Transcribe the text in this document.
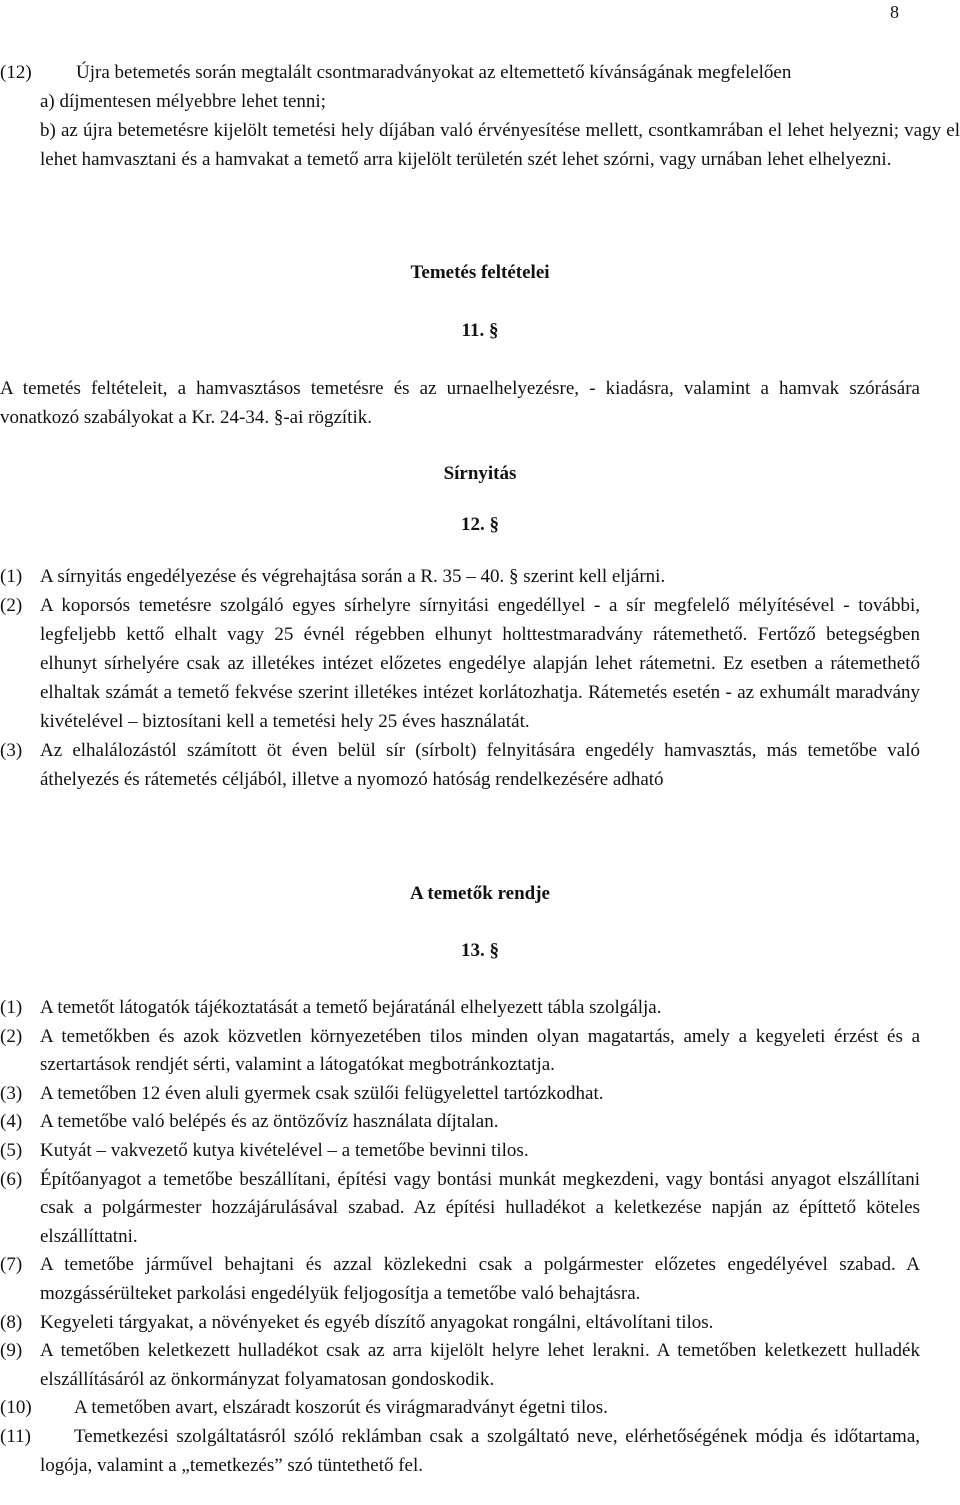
8
(12) Újra betemetés során megtalált csontmaradványokat az eltemettető kívánságának megfelelően
a) díjmentesen mélyebbre lehet tenni;
b) az újra betemetésre kijelölt temetési hely díjában való érvényesítése mellett, csontkamrában el lehet helyezni; vagy el lehet hamvasztani és a hamvakat a temető arra kijelölt területén szét lehet szórni, vagy urnában lehet elhelyezni.
Temetés feltételei
11. §
A temetés feltételeit, a hamvasztásos temetésre és az urnaelhelyezésre, - kiadásra, valamint a hamvak szórására vonatkozó szabályokat a Kr. 24-34. §-ai rögzítik.
Sírnyitás
12. §
(1) A sírnyitás engedélyezése és végrehajtása során a R. 35 – 40. § szerint kell eljárni.
(2) A koporsós temetésre szolgáló egyes sírhelyre sírnyitási engedéllyel - a sír megfelelő mélyítésével - további, legfeljebb kettő elhalt vagy 25 évnél régebben elhunyt holttestmaradvány rátemethető. Fertőző betegségben elhunyt sírhelyére csak az illetékes intézet előzetes engedélye alapján lehet rátemetni. Ez esetben a rátemethető elhaltak számát a temető fekvése szerint illetékes intézet korlátozhatja. Rátemetés esetén - az exhumált maradvány kivételével – biztosítani kell a temetési hely 25 éves használatát.
(3) Az elhalálozástól számított öt éven belül sír (sírbolt) felnyitására engedély hamvasztás, más temetőbe való áthelyezés és rátemetés céljából, illetve a nyomozó hatóság rendelkezésére adható
A temetők rendje
13. §
(1) A temetőt látogatók tájékoztatását a temető bejáratánál elhelyezett tábla szolgálja.
(2) A temetőkben és azok közvetlen környezetében tilos minden olyan magatartás, amely a kegyeleti érzést és a szertartások rendjét sérti, valamint a látogatókat megbotránkoztatja.
(3) A temetőben 12 éven aluli gyermek csak szülői felügyelettel tartózkodhat.
(4) A temetőbe való belépés és az öntözővíz használata díjtalan.
(5) Kutyát – vakvezető kutya kivételével – a temetőbe bevinni tilos.
(6) Építőanyagot a temetőbe beszállítani, építési vagy bontási munkát megkezdeni, vagy bontási anyagot elszállítani csak a polgármester hozzájárulásával szabad. Az építési hulladékot a keletkezése napján az építtető köteles elszállíttatni.
(7) A temetőbe járművel behajtani és azzal közlekedni csak a polgármester előzetes engedélyével szabad. A mozgássérülteket parkolási engedélyük feljogosítja a temetőbe való behajtásra.
(8) Kegyeleti tárgyakat, a növényeket és egyéb díszítő anyagokat rongálni, eltávolítani tilos.
(9) A temetőben keletkezett hulladékot csak az arra kijelölt helyre lehet lerakni. A temetőben keletkezett hulladék elszállításáról az önkormányzat folyamatosan gondoskodik.
(10) A temetőben avart, elszáradt koszorút és virágmaradványt égetni tilos.
(11) Temetkezési szolgáltatásról szóló reklámban csak a szolgáltató neve, elérhetőségének módja és időtartama, logója, valamint a „temetkezés” szó tüntethető fel.
